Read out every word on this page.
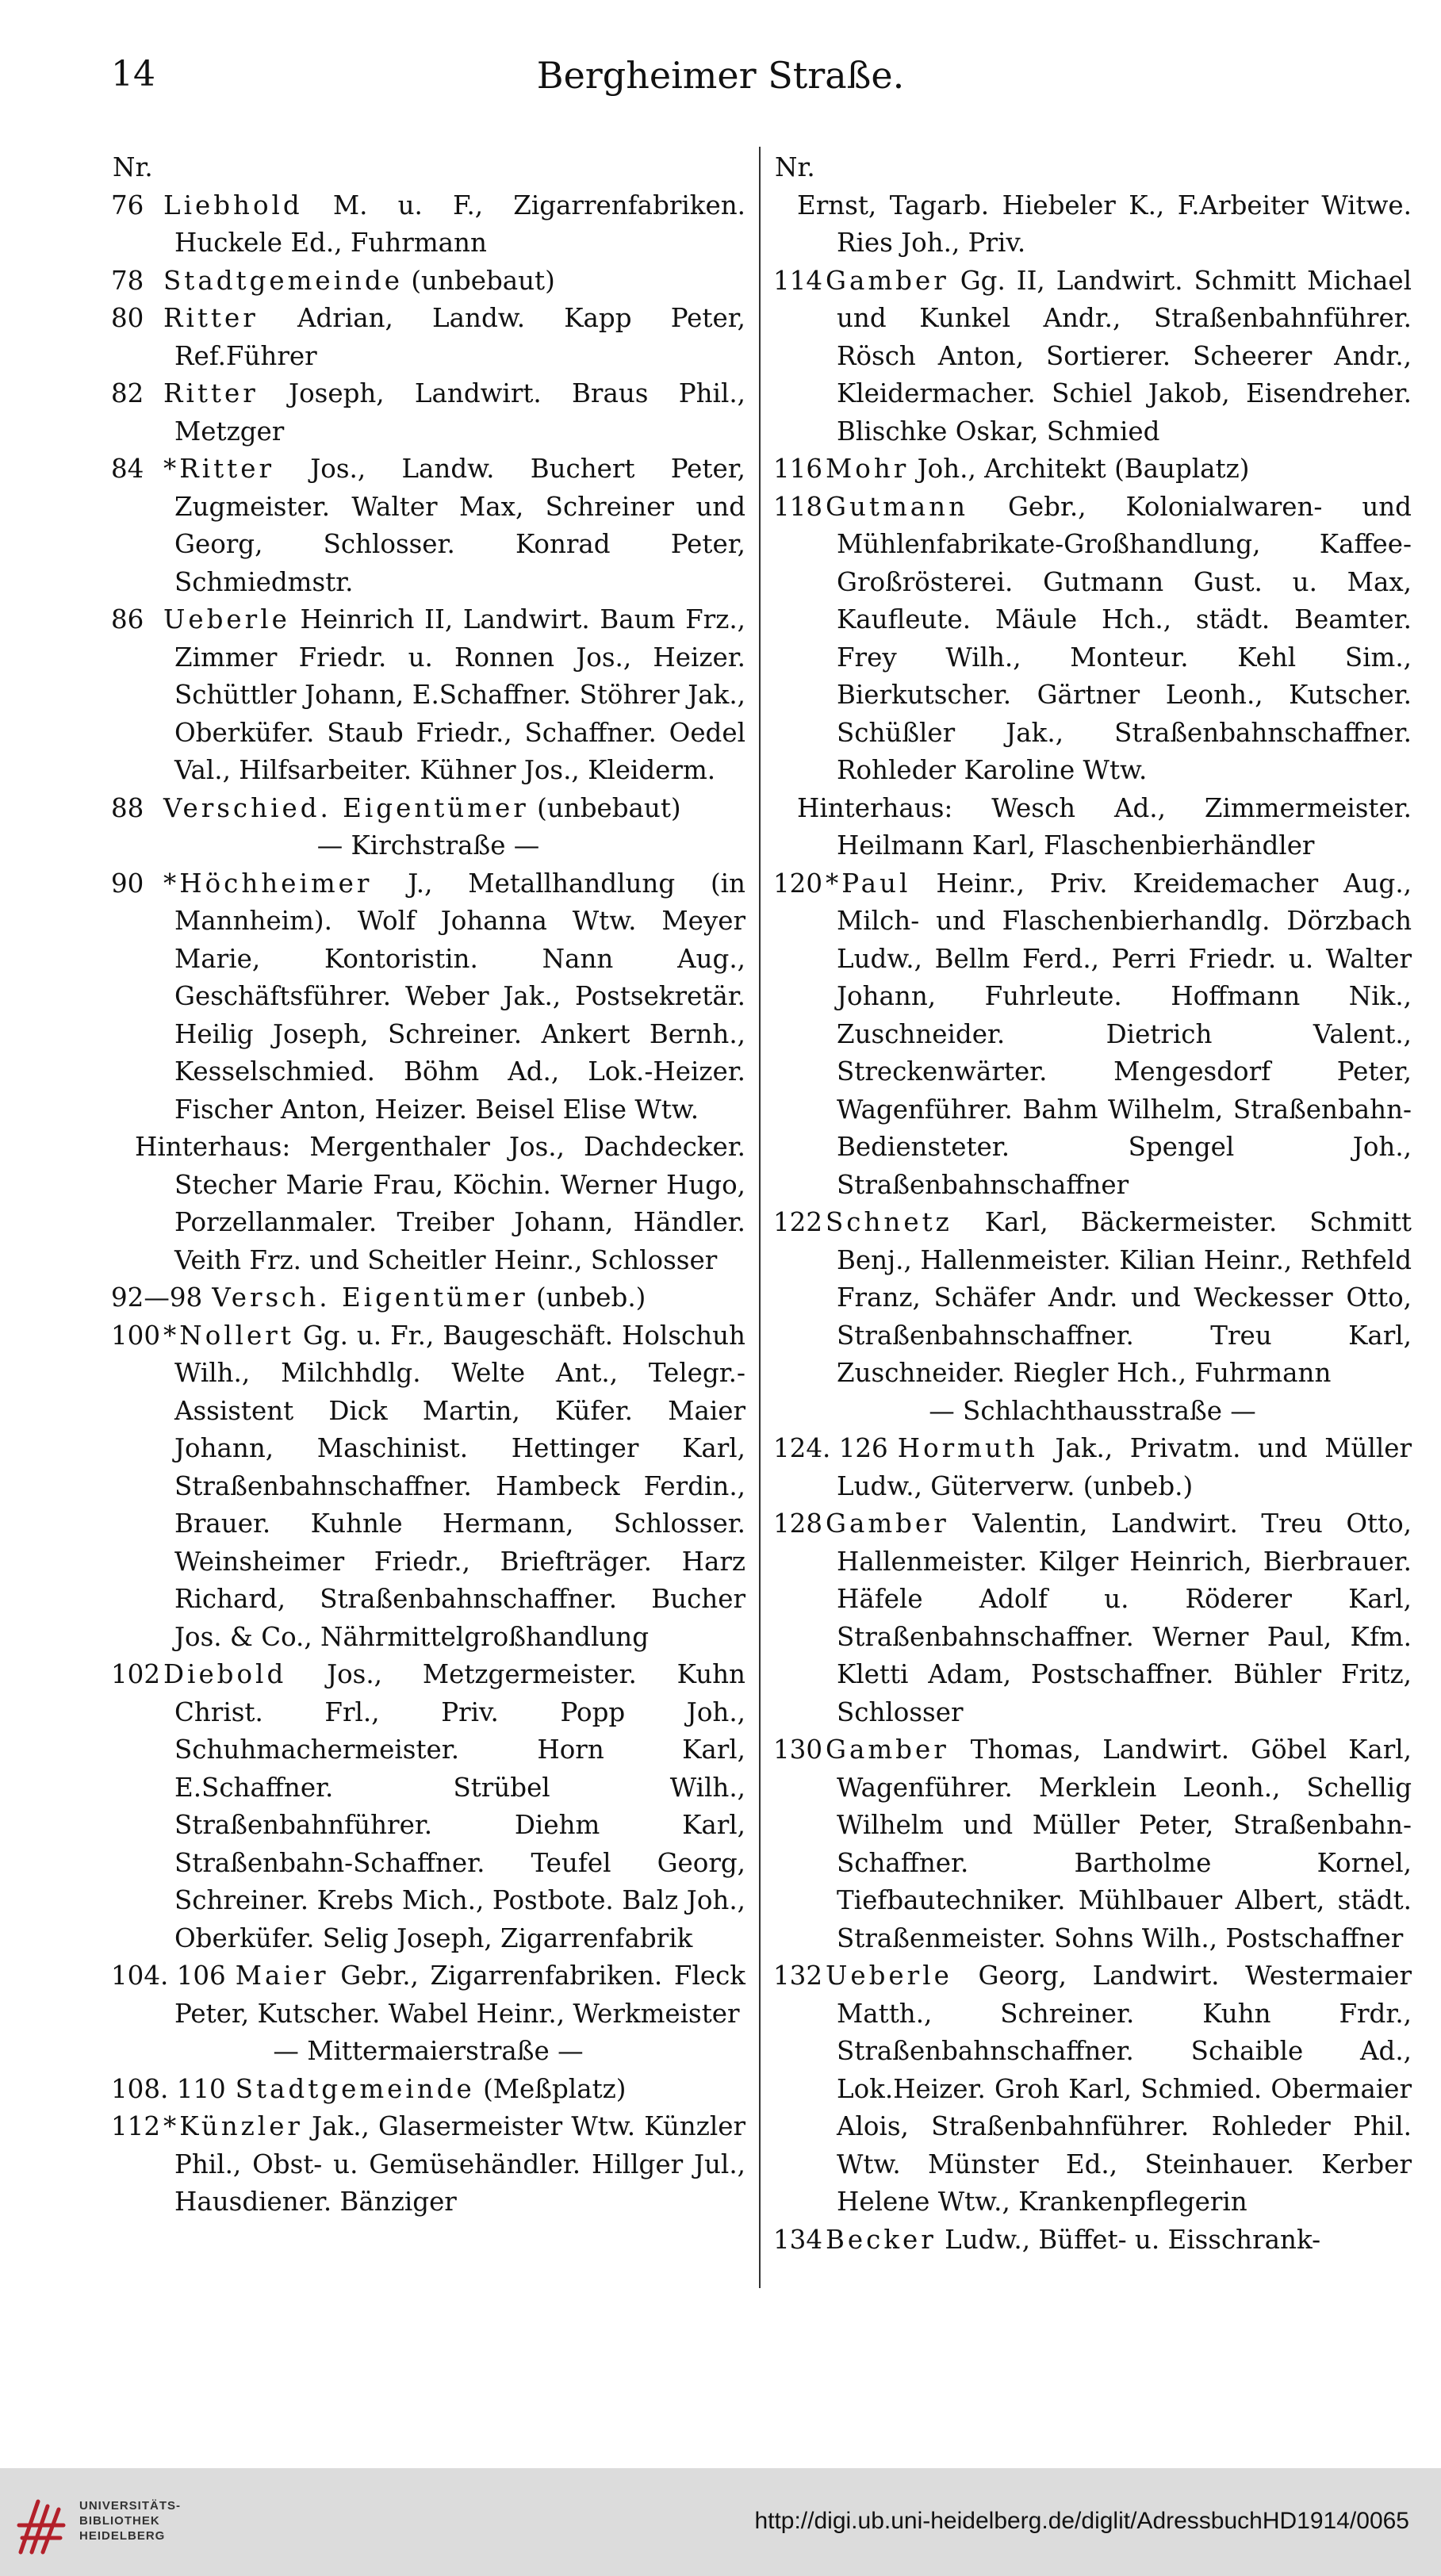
14	Bergheimer Straße.
Nr.
76 Liebhold M. u. F., Zigarrenfabriken. Huckele Ed., Fuhrmann
78 Stadtgemeinde (unbebaut)
80 Ritter Adrian, Landw. Kapp Peter, Ref.Führer
82 Ritter Joseph, Landwirt. Braus Phil., Metzger
84 *Ritter Jos., Landw. Buchert Peter, Zugmeister. Walter Max, Schreiner und Georg, Schlosser. Konrad Peter, Schmiedmstr.
86 Ueberle Heinrich II, Landwirt. Baum Frz., Zimmer Friedr. u. Ronnen Jos., Heizer. Schüttler Johann, E.Schaffner. Stöhrer Jak., Oberküfer. Staub Friedr., Schaffner. Oedel Val., Hilfsarbeiter. Kühner Jos., Kleiderm.
88 Verschied. Eigentümer (unbebaut)
— Kirchstraße —
90 *Höchheimer J., Metallhandlung (in Mannheim). Wolf Johanna Wtw. Meyer Marie, Kontoristin. Nann Aug., Geschäftsführer. Weber Jak., Postsekretär. Heilig Joseph, Schreiner. Ankert Bernh., Kesselschmied. Böhm Ad., Lok.-Heizer. Fischer Anton, Heizer. Beisel Elise Wtw.
Hinterhaus: Mergenthaler Jos., Dachdecker. Stecher Marie Frau, Köchin. Werner Hugo, Porzellanmaler. Treiber Johann, Händler. Veith Frz. und Scheitler Heinr., Schlosser
92—98 Versch. Eigentümer (unbeb.)
100 *Nollert Gg. u. Fr., Baugeschäft. Holschuh Wilh., Milchhdlg. Welte Ant., Telegr.-Assistent Dick Martin, Küfer. Maier Johann, Maschinist. Hettinger Karl, Straßenbahnschaffner. Hambeck Ferdin., Brauer. Kuhnle Hermann, Schlosser. Weinsheimer Friedr., Briefträger. Harz Richard, Straßenbahnschaffner. Bucher Jos. & Co., Nährmittelgroßhandlung
102 Diebold Jos., Metzgermeister. Kuhn Christ. Frl., Priv. Popp Joh., Schuhmachermeister. Horn Karl, E.Schaffner. Strübel Wilh., Straßenbahnführer. Diehm Karl, Straßenbahn-Schaffner. Teufel Georg, Schreiner. Krebs Mich., Postbote. Balz Joh., Oberküfer. Selig Joseph, Zigarrenfabrik
104. 106 Maier Gebr., Zigarrenfabriken. Fleck Peter, Kutscher. Wabel Heinr., Werkmeister
— Mittermaierstraße —
108. 110 Stadtgemeinde (Meßplatz)
112 *Künzler Jak., Glasermeister Wtw. Künzler Phil., Obst- u. Gemüsehändler. Hillger Jul., Hausdiener. Bänziger
Nr.
Ernst, Tagarb. Hiebeler K., F.Arbeiter Witwe. Ries Joh., Priv.
114 Gamber Gg. II, Landwirt. Schmitt Michael und Kunkel Andr., Straßenbahnführer. Rösch Anton, Sortierer. Scheerer Andr., Kleidermacher. Schiel Jakob, Eisendreher. Blischke Oskar, Schmied
116 Mohr Joh., Architekt (Bauplatz)
118 Gutmann Gebr., Kolonialwaren- und Mühlenfabrikate-Großhandlung, Kaffee-Großrösterei. Gutmann Gust. u. Max, Kaufleute. Mäule Hch., städt. Beamter. Frey Wilh., Monteur. Kehl Sim., Bierkutscher. Gärtner Leonh., Kutscher. Schüßler Jak., Straßenbahnschaffner. Rohleder Karoline Wtw.
Hinterhaus: Wesch Ad., Zimmermeister. Heilmann Karl, Flaschenbierhändler
120 *Paul Heinr., Priv. Kreidemacher Aug., Milch- und Flaschenbierhandlg. Dörzbach Ludw., Bellm Ferd., Perri Friedr. u. Walter Johann, Fuhrleute. Hoffmann Nik., Zuschneider. Dietrich Valent., Streckenwärter. Mengesdorf Peter, Wagenführer. Bahm Wilhelm, Straßenbahn-Bediensteter. Spengel Joh., Straßenbahnschaffner
122 Schnetz Karl, Bäckermeister. Schmitt Benj., Hallenmeister. Kilian Heinr., Rethfeld Franz, Schäfer Andr. und Weckesser Otto, Straßenbahnschaffner. Treu Karl, Zuschneider. Riegler Hch., Fuhrmann
— Schlachthausstraße —
124. 126 Hormuth Jak., Privatm. und Müller Ludw., Güterverw. (unbeb.)
128 Gamber Valentin, Landwirt. Treu Otto, Hallenmeister. Kilger Heinrich, Bierbrauer. Häfele Adolf u. Röderer Karl, Straßenbahnschaffner. Werner Paul, Kfm. Kletti Adam, Postschaffner. Bühler Fritz, Schlosser
130 Gamber Thomas, Landwirt. Göbel Karl, Wagenführer. Merklein Leonh., Schellig Wilhelm und Müller Peter, Straßenbahn-Schaffner. Bartholme Kornel, Tiefbautechniker. Mühlbauer Albert, städt. Straßenmeister. Sohns Wilh., Postschaffner
132 Ueberle Georg, Landwirt. Westermaier Matth., Schreiner. Kuhn Frdr., Straßenbahnschaffner. Schaible Ad., Lok.Heizer. Groh Karl, Schmied. Obermaier Alois, Straßenbahnführer. Rohleder Phil. Wtw. Münster Ed., Steinhauer. Kerber Helene Wtw., Krankenpflegerin
134 Becker Ludw., Büffet- u. Eisschrank-
UNIVERSITÄTS-
BIBLIOTHEK
HEIDELBERG
http://digi.ub.uni-heidelberg.de/diglit/AdressbuchHD1914/0065
